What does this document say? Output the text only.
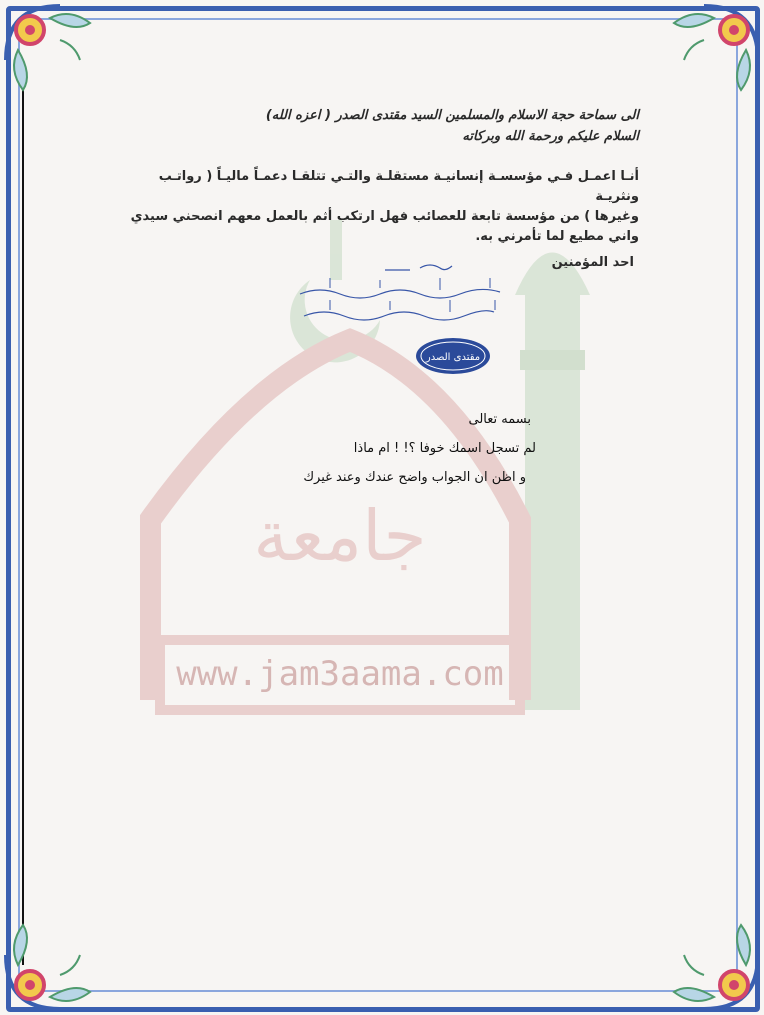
جامعة
www.jam3aama.com
الى سماحة حجة الاسلام والمسلمين السيد مقتدى الصدر ( اعزه الله)
السلام عليكم ورحمة الله وبركاته
أنـا اعمـل فـي مؤسسـة إنسانيـة مستقلـة والتـي تتلقـا دعمـاً ماليـاً ( رواتـب ونثريـة
وغيرها ) من مؤسسة تابعة للعصائب فهل ارتكب أثم بالعمل معهم انصحني سيدي
واني مطيع لما تأمرني به.
احد المؤمنين
مقتدى الصدر
بسمه تعالى
لم تسجل اسمك خوفا ؟! ! ام ماذا
و اظن ان الجواب واضح عندك وعند غيرك
